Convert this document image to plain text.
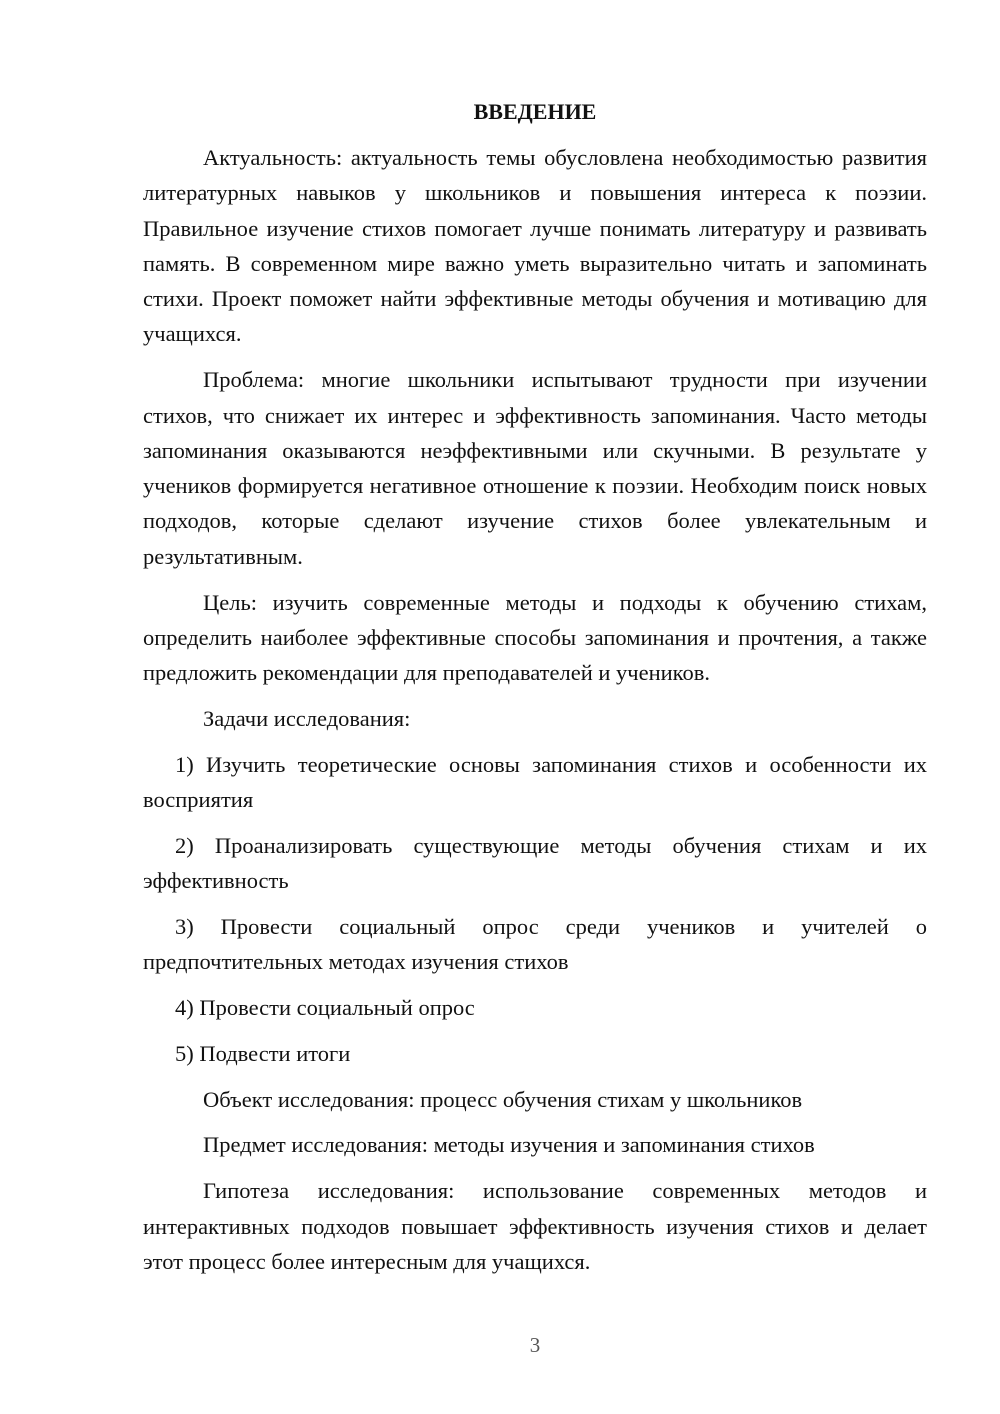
ВВЕДЕНИЕ

Актуальность: актуальность темы обусловлена необходимостью развития литературных навыков у школьников и повышения интереса к поэзии. Правильное изучение стихов помогает лучше понимать литературу и развивать память. В современном мире важно уметь выразительно читать и запоминать стихи. Проект поможет найти эффективные методы обучения и мотивацию для учащихся.

Проблема: многие школьники испытывают трудности при изучении стихов, что снижает их интерес и эффективность запоминания. Часто методы запоминания оказываются неэффективными или скучными. В результате у учеников формируется негативное отношение к поэзии. Необходим поиск новых подходов, которые сделают изучение стихов более увлекательным и результативным.

Цель: изучить современные методы и подходы к обучению стихам, определить наиболее эффективные способы запоминания и прочтения, а также предложить рекомендации для преподавателей и учеников.

Задачи исследования:

1) Изучить теоретические основы запоминания стихов и особенности их восприятия

2) Проанализировать существующие методы обучения стихам и их эффективность

3) Провести социальный опрос среди учеников и учителей о предпочтительных методах изучения стихов

4) Провести социальный опрос

5) Подвести итоги

Объект исследования: процесс обучения стихам у школьников

Предмет исследования: методы изучения и запоминания стихов

Гипотеза исследования: использование современных методов и интерактивных подходов повышает эффективность изучения стихов и делает этот процесс более интересным для учащихся.

3
